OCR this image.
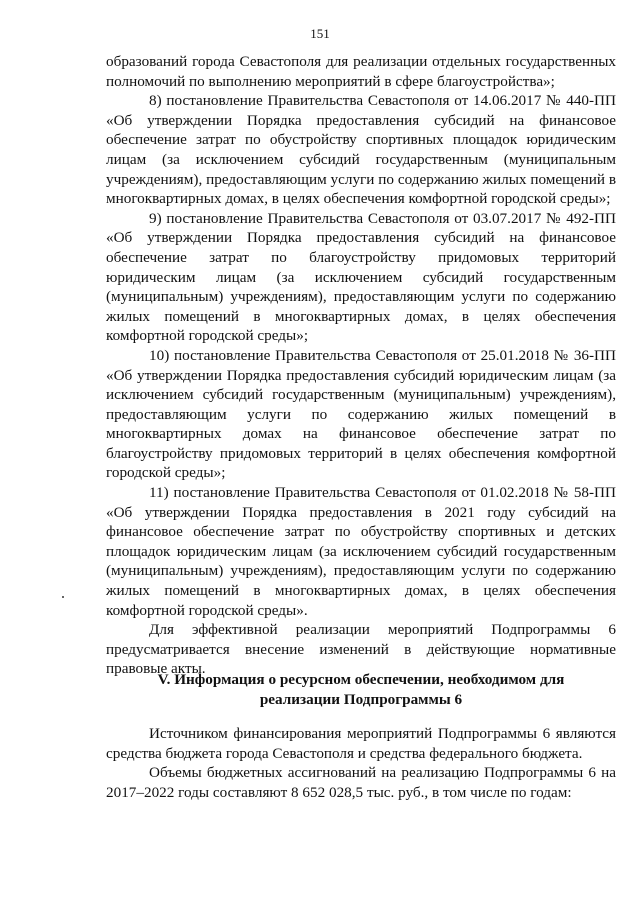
151

образований города Севастополя для реализации отдельных государственных полномочий по выполнению мероприятий в сфере благоустройства»;

8) постановление Правительства Севастополя от 14.06.2017 № 440-ПП «Об утверждении Порядка предоставления субсидий на финансовое обеспечение затрат по обустройству спортивных площадок юридическим лицам (за исключением субсидий государственным (муниципальным учреждениям), предоставляющим услуги по содержанию жилых помещений в многоквартирных домах, в целях обеспечения комфортной городской среды»;

9) постановление Правительства Севастополя от 03.07.2017 № 492-ПП «Об утверждении Порядка предоставления субсидий на финансовое обеспечение затрат по благоустройству придомовых территорий юридическим лицам (за исключением субсидий государственным (муниципальным) учреждениям), предоставляющим услуги по содержанию жилых помещений в многоквартирных домах, в целях обеспечения комфортной городской среды»;

10) постановление Правительства Севастополя от 25.01.2018 № 36-ПП «Об утверждении Порядка предоставления субсидий юридическим лицам (за исключением субсидий государственным (муниципальным) учреждениям), предоставляющим услуги по содержанию жилых помещений в многоквартирных домах на финансовое обеспечение затрат по благоустройству придомовых территорий в целях обеспечения комфортной городской среды»;

11) постановление Правительства Севастополя от 01.02.2018 № 58-ПП «Об утверждении Порядка предоставления в 2021 году субсидий на финансовое обеспечение затрат по обустройству спортивных и детских площадок юридическим лицам (за исключением субсидий государственным (муниципальным) учреждениям), предоставляющим услуги по содержанию жилых помещений в многоквартирных домах, в целях обеспечения комфортной городской среды».

Для эффективной реализации мероприятий Подпрограммы 6 предусматривается внесение изменений в действующие нормативные правовые акты.

V. Информация о ресурсном обеспечении, необходимом для
реализации Подпрограммы 6

Источником финансирования мероприятий Подпрограммы 6 являются средства бюджета города Севастополя и средства федерального бюджета.

Объемы бюджетных ассигнований на реализацию Подпрограммы 6 на 2017–2022 годы составляют 8 652 028,5 тыс. руб., в том числе по годам:
